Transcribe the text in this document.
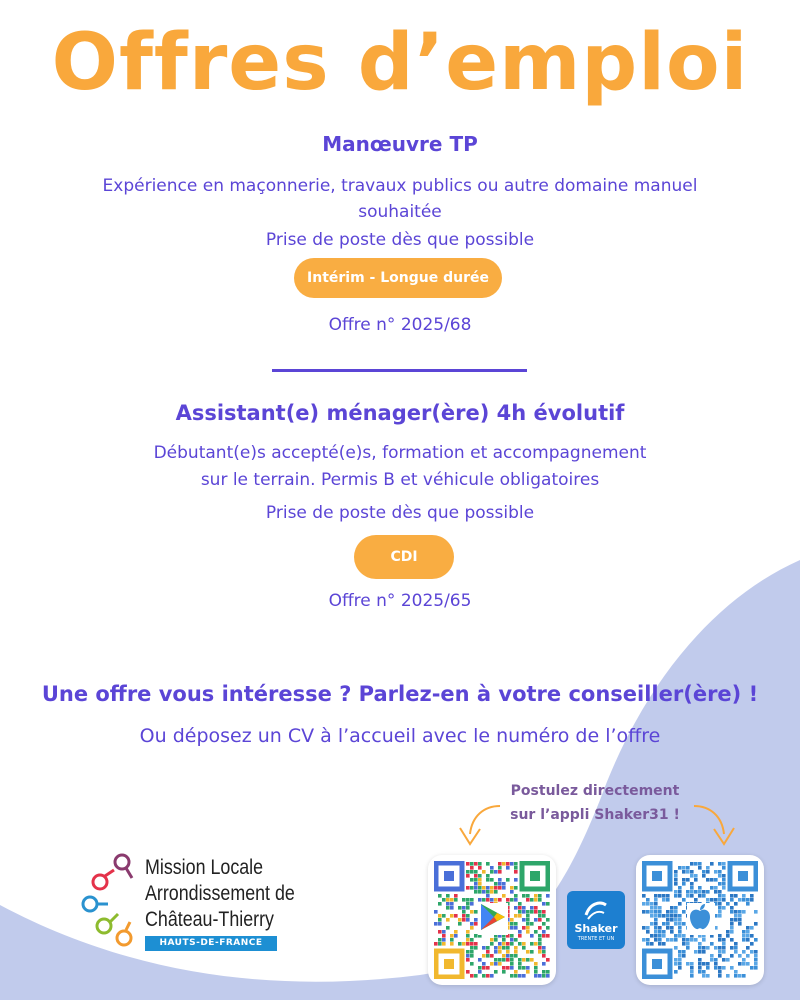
Offres d’emploi
Manœuvre TP
Expérience en maçonnerie, travaux publics ou autre domaine manuel
souhaitée
Prise de poste dès que possible
Intérim - Longue durée
Offre n° 2025/68
Assistant(e) ménager(ère) 4h évolutif
Débutant(e)s accepté(e)s, formation et accompagnement
sur le terrain. Permis B et véhicule obligatoires
Prise de poste dès que possible
CDI
Offre n° 2025/65
Une offre vous intéresse ? Parlez-en à votre conseiller(ère) !
Ou déposez un CV à l’accueil avec le numéro de l’offre
Postulez directement
sur l’appli Shaker31 !
Shaker
TRENTE ET UN
Mission Locale
Arrondissement de
Château-Thierry
HAUTS-DE-FRANCE
